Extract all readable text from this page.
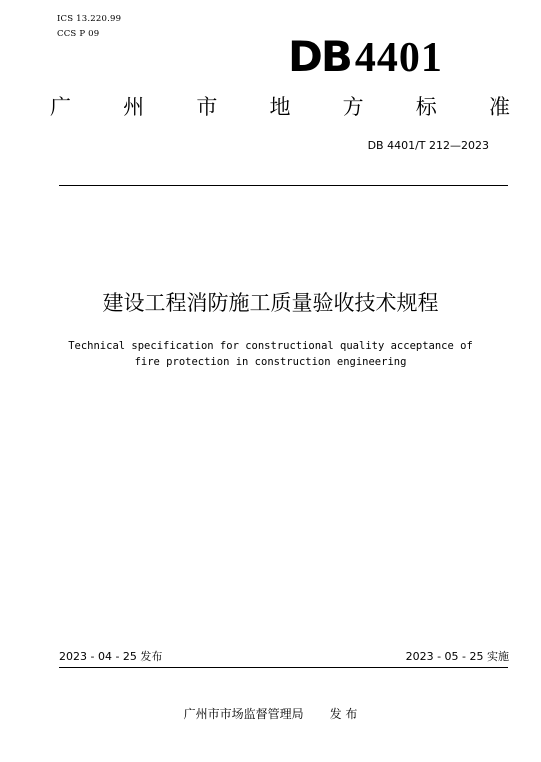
ICS 13.220.99
CCS P 09	DB4401
广 州 市 地 方 标 准
DB 4401/T 212—2023
建设工程消防施工质量验收技术规程
Technical specification for constructional quality acceptance of
fire protection in construction engineering
2023 - 04 - 25 发布	2023 - 05 - 25 实施
广州市市场监督管理局 发 布
